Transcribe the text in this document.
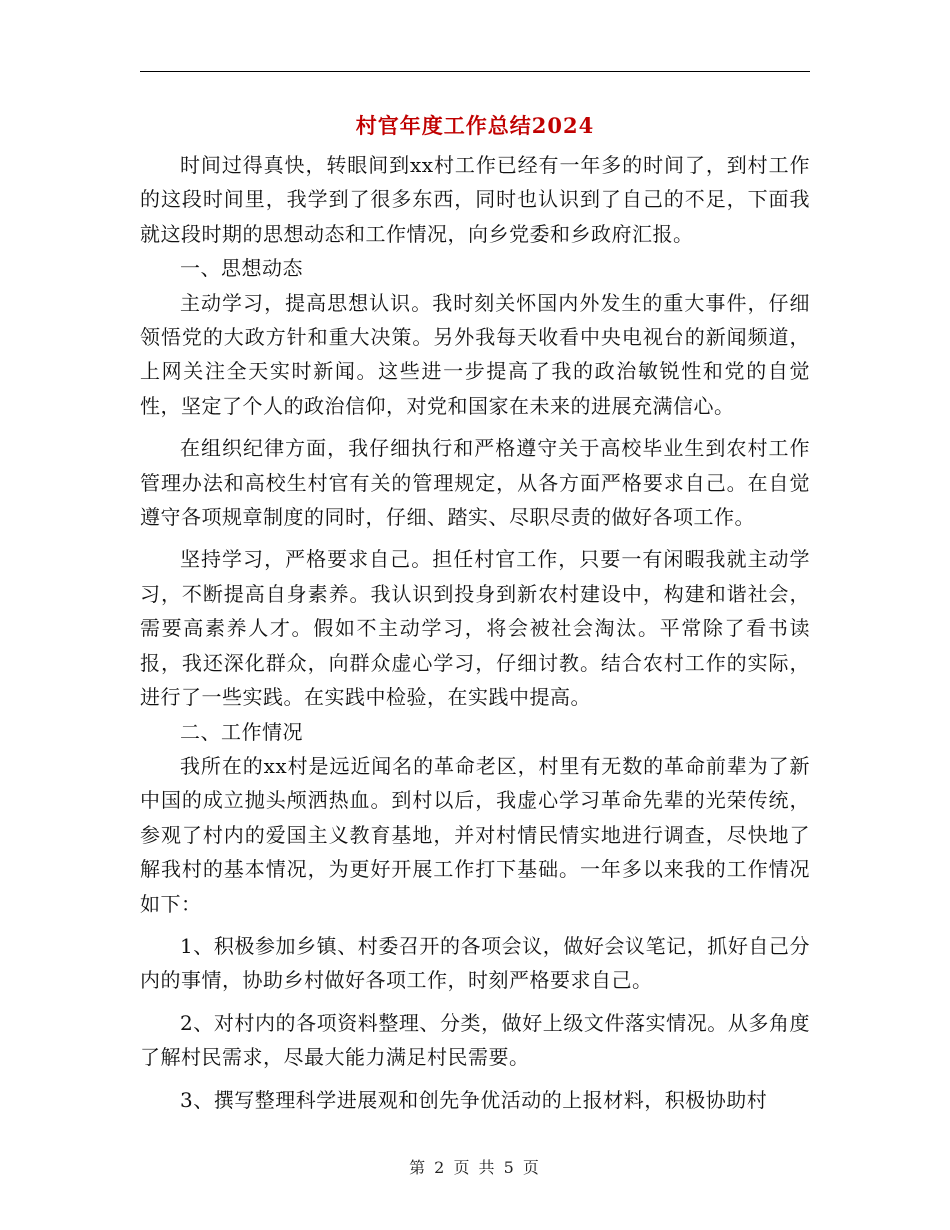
村官年度工作总结2024

时间过得真快，转眼间到xx村工作已经有一年多的时间了，到村工作的这段时间里，我学到了很多东西，同时也认识到了自己的不足，下面我就这段时期的思想动态和工作情况，向乡党委和乡政府汇报。

一、思想动态

主动学习，提高思想认识。我时刻关怀国内外发生的重大事件，仔细领悟党的大政方针和重大决策。另外我每天收看中央电视台的新闻频道，上网关注全天实时新闻。这些进一步提高了我的政治敏锐性和党的自觉性，坚定了个人的政治信仰，对党和国家在未来的进展充满信心。

在组织纪律方面，我仔细执行和严格遵守关于高校毕业生到农村工作管理办法和高校生村官有关的管理规定，从各方面严格要求自己。在自觉遵守各项规章制度的同时，仔细、踏实、尽职尽责的做好各项工作。

坚持学习，严格要求自己。担任村官工作，只要一有闲暇我就主动学习，不断提高自身素养。我认识到投身到新农村建设中，构建和谐社会，需要高素养人才。假如不主动学习，将会被社会淘汰。平常除了看书读报，我还深化群众，向群众虚心学习，仔细讨教。结合农村工作的实际，进行了一些实践。在实践中检验，在实践中提高。

二、工作情况

我所在的xx村是远近闻名的革命老区，村里有无数的革命前辈为了新中国的成立抛头颅洒热血。到村以后，我虚心学习革命先辈的光荣传统，参观了村内的爱国主义教育基地，并对村情民情实地进行调查，尽快地了解我村的基本情况，为更好开展工作打下基础。一年多以来我的工作情况如下：

1、积极参加乡镇、村委召开的各项会议，做好会议笔记，抓好自己分内的事情，协助乡村做好各项工作，时刻严格要求自己。

2、对村内的各项资料整理、分类，做好上级文件落实情况。从多角度了解村民需求，尽最大能力满足村民需要。

3、撰写整理科学进展观和创先争优活动的上报材料，积极协助村

第 2 页 共 5 页
